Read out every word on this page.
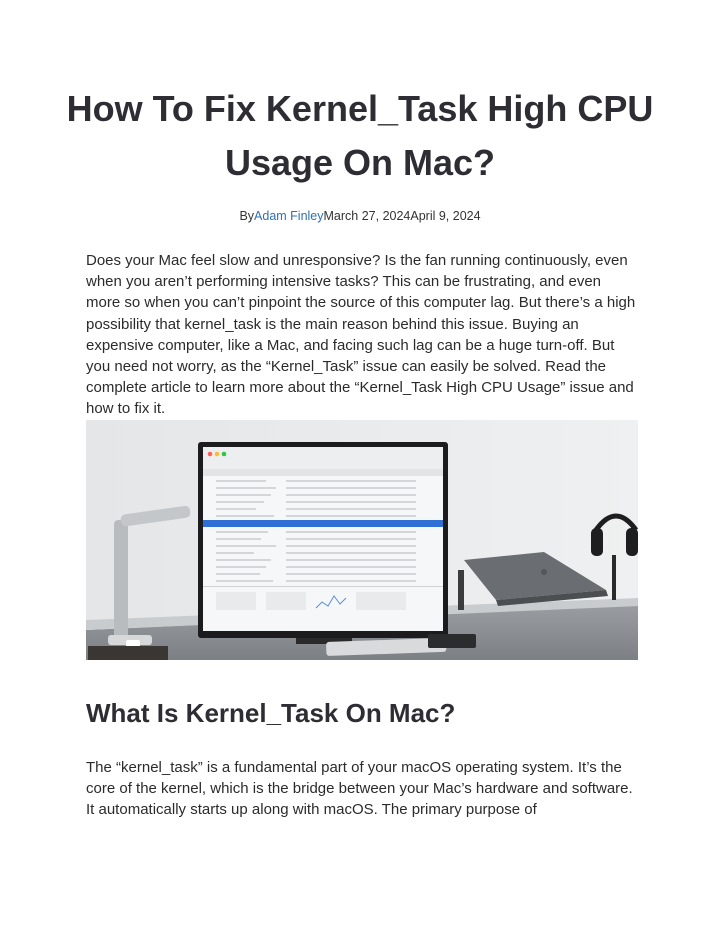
How To Fix Kernel_Task High CPU Usage On Mac?
ByAdam FinleyMarch 27, 2024April 9, 2024

Does your Mac feel slow and unresponsive? Is the fan running continuously, even when you aren’t performing intensive tasks? This can be frustrating, and even more so when you can’t pinpoint the source of this computer lag. But there’s a high possibility that kernel_task is the main reason behind this issue. Buying an expensive computer, like a Mac, and facing such lag can be a huge turn-off. But you need not worry, as the “Kernel_Task” issue can easily be solved. Read the complete article to learn more about the “Kernel_Task High CPU Usage” issue and how to fix it.

What Is Kernel_Task On Mac?

The “kernel_task” is a fundamental part of your macOS operating system. It’s the core of the kernel, which is the bridge between your Mac’s hardware and software. It automatically starts up along with macOS. The primary purpose of
